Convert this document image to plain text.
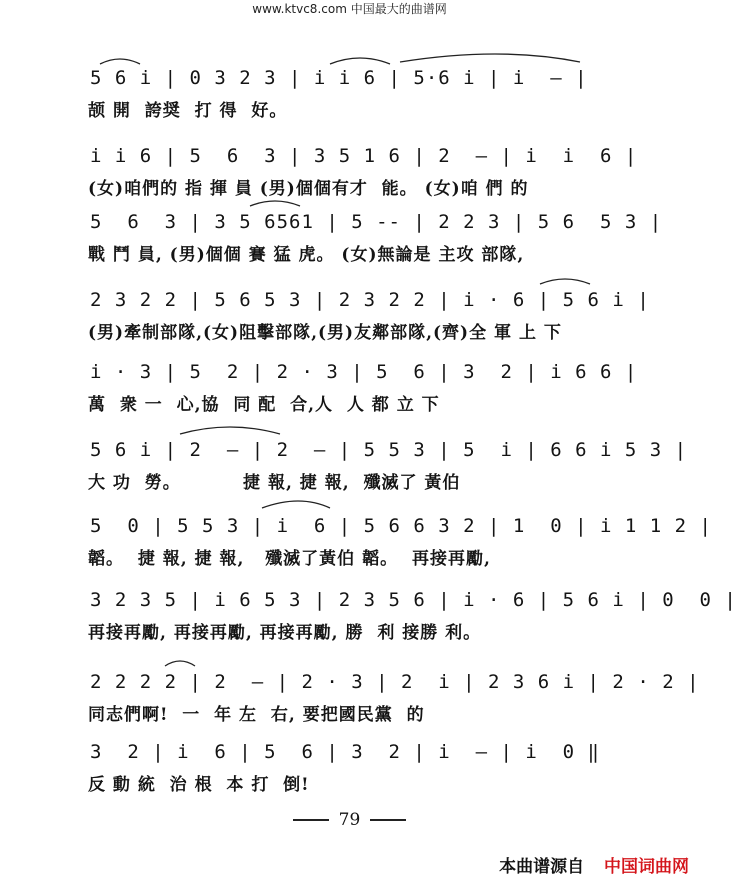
www.ktvc8.com 中国最大的曲谱网
5 6 i | 0 3 2 3 | i i 6 | 5·6 i | i  — |
颉 開  誇奨  打 得  好。
i i 6 | 5  6  3 | 3 5 1 6 | 2  — | i  i  6 |
(女)咱們的 指 揮 員 (男)個個有才  能。 (女)咱 們 的
5  6  3 | 3 5 6561 | 5 -- | 2 2 3 | 5 6  5 3 |
戰 鬥 員, (男)個個 賽 猛 虎。 (女)無論是 主攻 部隊,
2 3 2 2 | 5 6 5 3 | 2 3 2 2 | i · 6 | 5 6 i |
(男)牽制部隊,(女)阻擊部隊,(男)友鄰部隊,(齊)全 軍 上 下
i · 3 | 5  2 | 2 · 3 | 5  6 | 3  2 | i 6 6 |
萬  衆 一  心,協  同 配  合,人  人 都 立 下
5 6 i | 2  — | 2  — | 5 5 3 | 5  i | 6 6 i 5 3 |
大 功  勞。         捷 報, 捷 報,  殲滅了 黃伯
5  0 | 5 5 3 | i  6 | 5 6 6 3 2 | 1  0 | i 1 1 2 |
韜。  捷 報, 捷 報,   殲滅了黃伯 韜。  再接再勵,
3 2 3 5 | i 6 5 3 | 2 3 5 6 | i · 6 | 5 6 i | 0  0 |
再接再勵, 再接再勵, 再接再勵, 勝  利 接勝 利。
2 2 2 2 | 2  — | 2 · 3 | 2  i | 2 3 6 i | 2 · 2 |
同志們啊!  一  年 左  右, 要把國民黨  的
3  2 | i  6 | 5  6 | 3  2 | i  — | i  0 ‖
反 動 統  治 根  本 打  倒!
79
本曲谱源自 中国词曲网
